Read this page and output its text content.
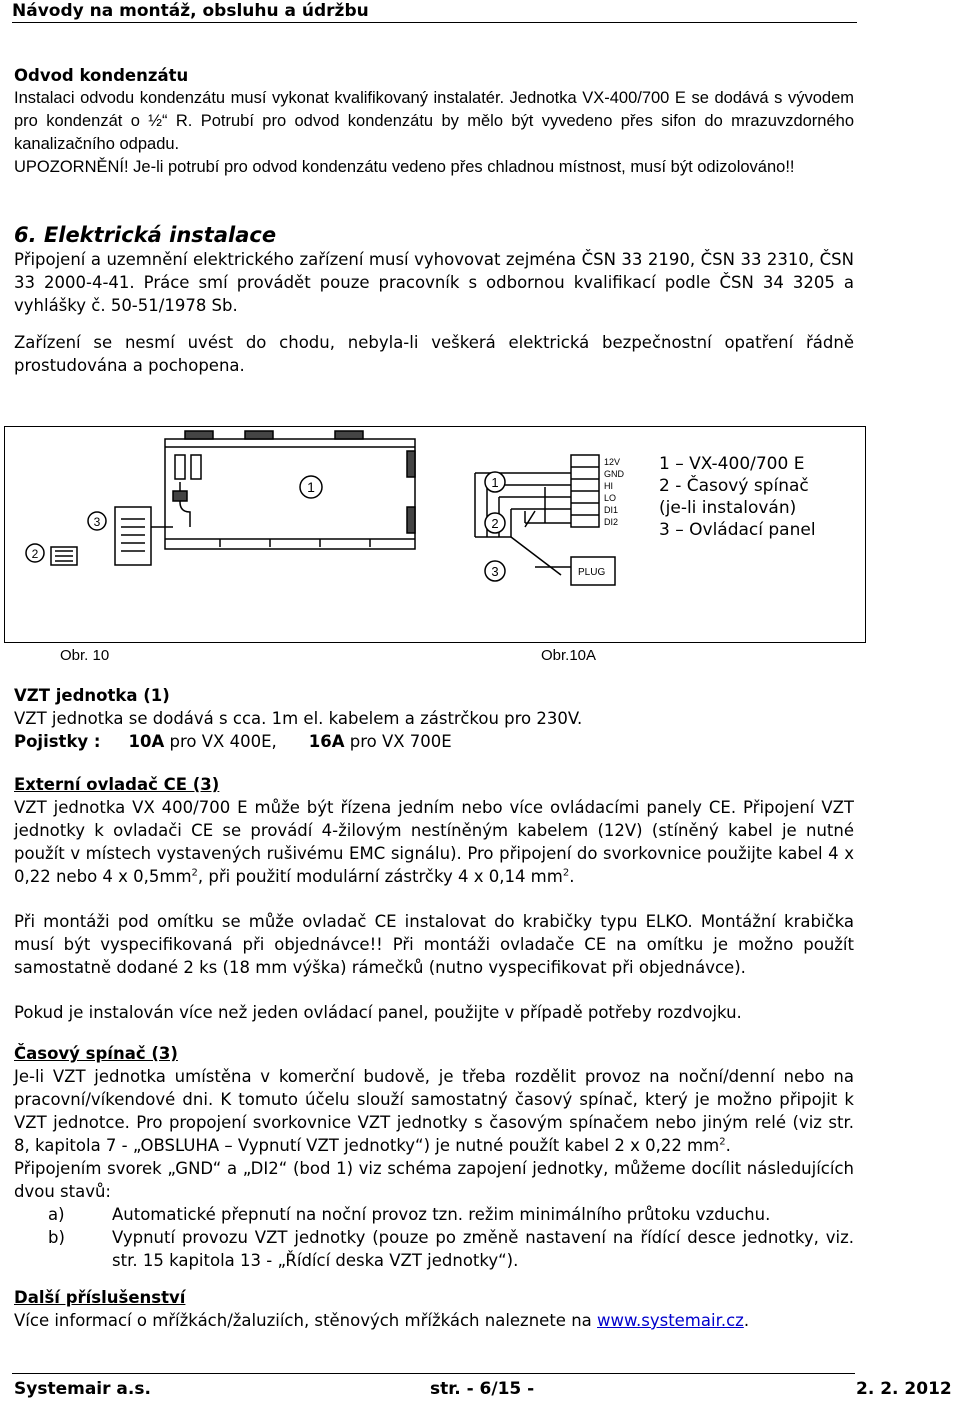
Návody na montáž, obsluhu a údržbu

Odvod kondenzátu

Instalaci odvodu kondenzátu musí vykonat kvalifikovaný instalatér. Jednotka VX-400/700 E se dodává s vývodem pro kondenzát o ½“ R. Potrubí pro odvod kondenzátu by mělo být vyvedeno přes sifon do mrazuvzdorného kanalizačního odpadu.

UPOZORNĚNÍ! Je-li potrubí pro odvod kondenzátu vedeno přes chladnou místnost, musí být odizolováno!!

6. Elektrická instalace

Připojení a uzemnění elektrického zařízení musí vyhovovat zejména ČSN 33 2190, ČSN 33 2310, ČSN 33 2000-4-41. Práce smí provádět pouze pracovník s odbornou kvalifikací podle ČSN 34 3205 a vyhlášky č. 50-51/1978 Sb.

Zařízení se nesmí uvést do chodu, nebyla-li veškerá elektrická bezpečnostní opatření řádně prostudována a pochopena.

1
3
2
12V
GND
HI
LO
DI1
DI2
PLUG
1
2
3
1 – VX-400/700 E
2 - Časový spínač
(je-li instalován)
3 – Ovládací panel
Obr. 10	Obr.10A

VZT jednotka (1)

VZT jednotka se dodává s cca. 1m el. kabelem a zástrčkou pro 230V.

Pojistky : 10A pro VX 400E, 16A pro VX 700E

Externí ovladač CE (3)

VZT jednotka VX 400/700 E může být řízena jedním nebo více ovládacími panely CE. Připojení VZT jednotky k ovladači CE se provádí 4-žilovým nestíněným kabelem (12V) (stíněný kabel je nutné použít v místech vystavených rušivému EMC signálu). Pro připojení do svorkovnice použijte kabel 4 x 0,22 nebo 4 x $0,5mm^2$, při použití modulární zástrčky 4 x 0,14 $mm^2$.

Při montáži pod omítku se může ovladač CE instalovat do krabičky typu ELKO. Montážní krabička musí být vyspecifikovaná při objednávce!! Při montáži ovladače CE na omítku je možno použít samostatně dodané 2 ks (18 mm výška) rámečků (nutno vyspecifikovat při objednávce).

Pokud je instalován více než jeden ovládací panel, použijte v případě potřeby rozdvojku.

Časový spínač (3)

Je-li VZT jednotka umístěna v komerční budově, je třeba rozdělit provoz na noční/denní nebo na pracovní/víkendové dni. K tomuto účelu slouží samostatný časový spínač, který je možno připojit k VZT jednotce. Pro propojení svorkovnice VZT jednotky s časovým spínačem nebo jiným relé (viz str. 8, kapitola 7 - „OBSLUHA – Vypnutí VZT jednotky“) je nutné použít kabel 2 x 0,22 $mm^2$.

Připojením svorek „GND“ a „DI2“ (bod 1) viz schéma zapojení jednotky, můžeme docílit následujících dvou stavů:

a)	Automatické přepnutí na noční provoz tzn. režim minimálního průtoku vzduchu.
b)	Vypnutí provozu VZT jednotky (pouze po změně nastavení na řídící desce jednotky, viz. str. 15 kapitola 13 - „Řídící deska VZT jednotky“).

Další příslušenství

Více informací o mřížkách/žaluziích, stěnových mřížkách naleznete na www.systemair.cz.

Systemair a.s.	str. - 6/15 -	2. 2. 2012
